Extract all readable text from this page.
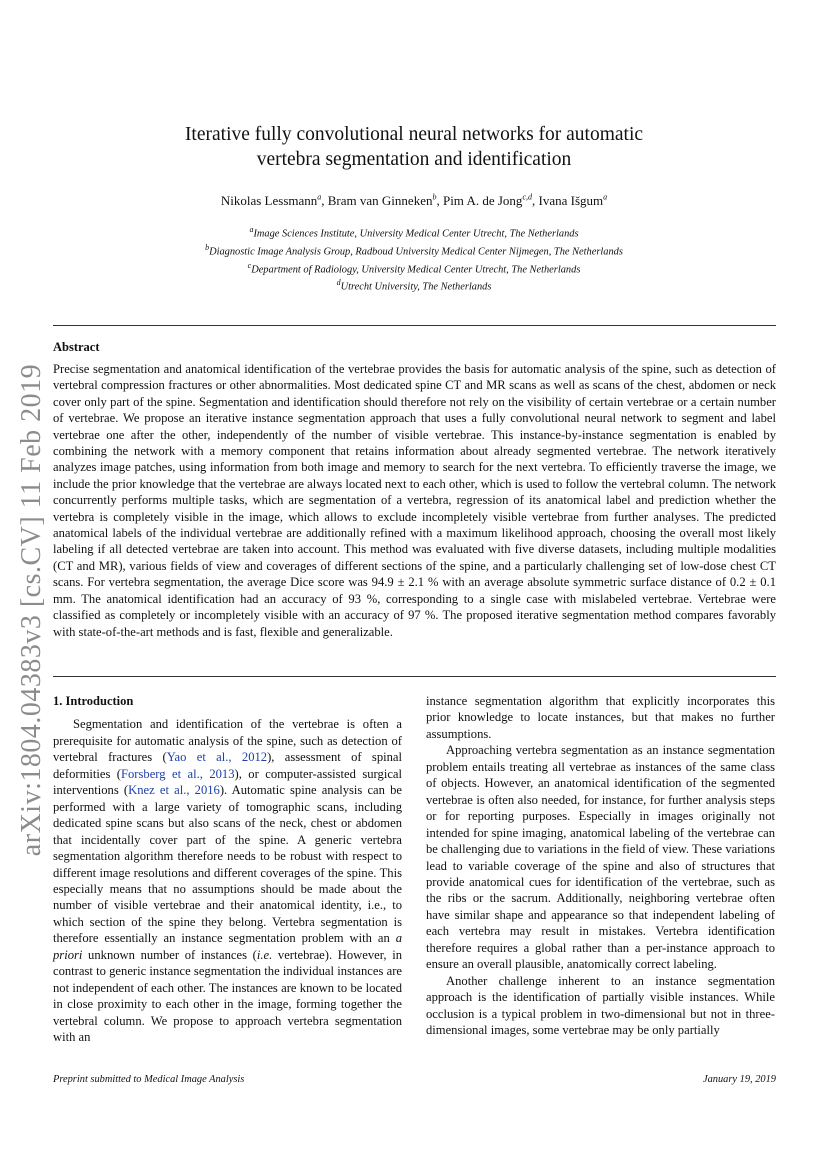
arXiv:1804.04383v3 [cs.CV] 11 Feb 2019
Iterative fully convolutional neural networks for automatic
vertebra segmentation and identification
Nikolas Lessmann$^a$, Bram van Ginneken$^b$, Pim A. de Jong$^{c,d}$, Ivana Išgum$^a$
$^a$Image Sciences Institute, University Medical Center Utrecht, The Netherlands
$^b$Diagnostic Image Analysis Group, Radboud University Medical Center Nijmegen, The Netherlands
$^c$Department of Radiology, University Medical Center Utrecht, The Netherlands
$^d$Utrecht University, The Netherlands
Abstract
Precise segmentation and anatomical identification of the vertebrae provides the basis for automatic analysis of the spine, such as detection of vertebral compression fractures or other abnormalities. Most dedicated spine CT and MR scans as well as scans of the chest, abdomen or neck cover only part of the spine. Segmentation and identification should therefore not rely on the visibility of certain vertebrae or a certain number of vertebrae. We propose an iterative instance segmentation approach that uses a fully convolutional neural network to segment and label vertebrae one after the other, independently of the number of visible vertebrae. This instance-by-instance segmentation is enabled by combining the network with a memory component that retains information about already segmented vertebrae. The network iteratively analyzes image patches, using information from both image and memory to search for the next vertebra. To efficiently traverse the image, we include the prior knowledge that the vertebrae are always located next to each other, which is used to follow the vertebral column. The network concurrently performs multiple tasks, which are segmentation of a vertebra, regression of its anatomical label and prediction whether the vertebra is completely visible in the image, which allows to exclude incompletely visible vertebrae from further analyses. The predicted anatomical labels of the individual vertebrae are additionally refined with a maximum likelihood approach, choosing the overall most likely labeling if all detected vertebrae are taken into account. This method was evaluated with five diverse datasets, including multiple modalities (CT and MR), various fields of view and coverages of different sections of the spine, and a particularly challenging set of low-dose chest CT scans. For vertebra segmentation, the average Dice score was 94.9 ± 2.1 % with an average absolute symmetric surface distance of 0.2 ± 0.1 mm. The anatomical identification had an accuracy of 93 %, corresponding to a single case with mislabeled vertebrae. Vertebrae were classified as completely or incompletely visible with an accuracy of 97 %. The proposed iterative segmentation method compares favorably with state-of-the-art methods and is fast, flexible and generalizable.

1. Introduction

Segmentation and identification of the vertebrae is often a prerequisite for automatic analysis of the spine, such as detection of vertebral fractures (Yao et al., 2012), assessment of spinal deformities (Forsberg et al., 2013), or computer-assisted surgical interventions (Knez et al., 2016). Automatic spine analysis can be performed with a large variety of tomographic scans, including dedicated spine scans but also scans of the neck, chest or abdomen that incidentally cover part of the spine. A generic vertebra segmentation algorithm therefore needs to be robust with respect to different image resolutions and different coverages of the spine. This especially means that no assumptions should be made about the number of visible vertebrae and their anatomical identity, i.e., to which section of the spine they belong. Vertebra segmentation is therefore essentially an instance segmentation problem with an a priori unknown number of instances (i.e. vertebrae). However, in contrast to generic instance segmentation the individual instances are not independent of each other. The instances are known to be located in close proximity to each other in the image, forming together the vertebral column. We propose to approach vertebra segmentation with an

instance segmentation algorithm that explicitly incorporates this prior knowledge to locate instances, but that makes no further assumptions.

Approaching vertebra segmentation as an instance segmentation problem entails treating all vertebrae as instances of the same class of objects. However, an anatomical identification of the segmented vertebrae is often also needed, for instance, for further analysis steps or for reporting purposes. Especially in images originally not intended for spine imaging, anatomical labeling of the vertebrae can be challenging due to variations in the field of view. These variations lead to variable coverage of the spine and also of structures that provide anatomical cues for identification of the vertebrae, such as the ribs or the sacrum. Additionally, neighboring vertebrae often have similar shape and appearance so that independent labeling of each vertebra may result in mistakes. Vertebra identification therefore requires a global rather than a per-instance approach to ensure an overall plausible, anatomically correct labeling.

Another challenge inherent to an instance segmentation approach is the identification of partially visible instances. While occlusion is a typical problem in two-dimensional but not in three-dimensional images, some vertebrae may be only partially

Preprint submitted to Medical Image Analysis	January 19, 2019
